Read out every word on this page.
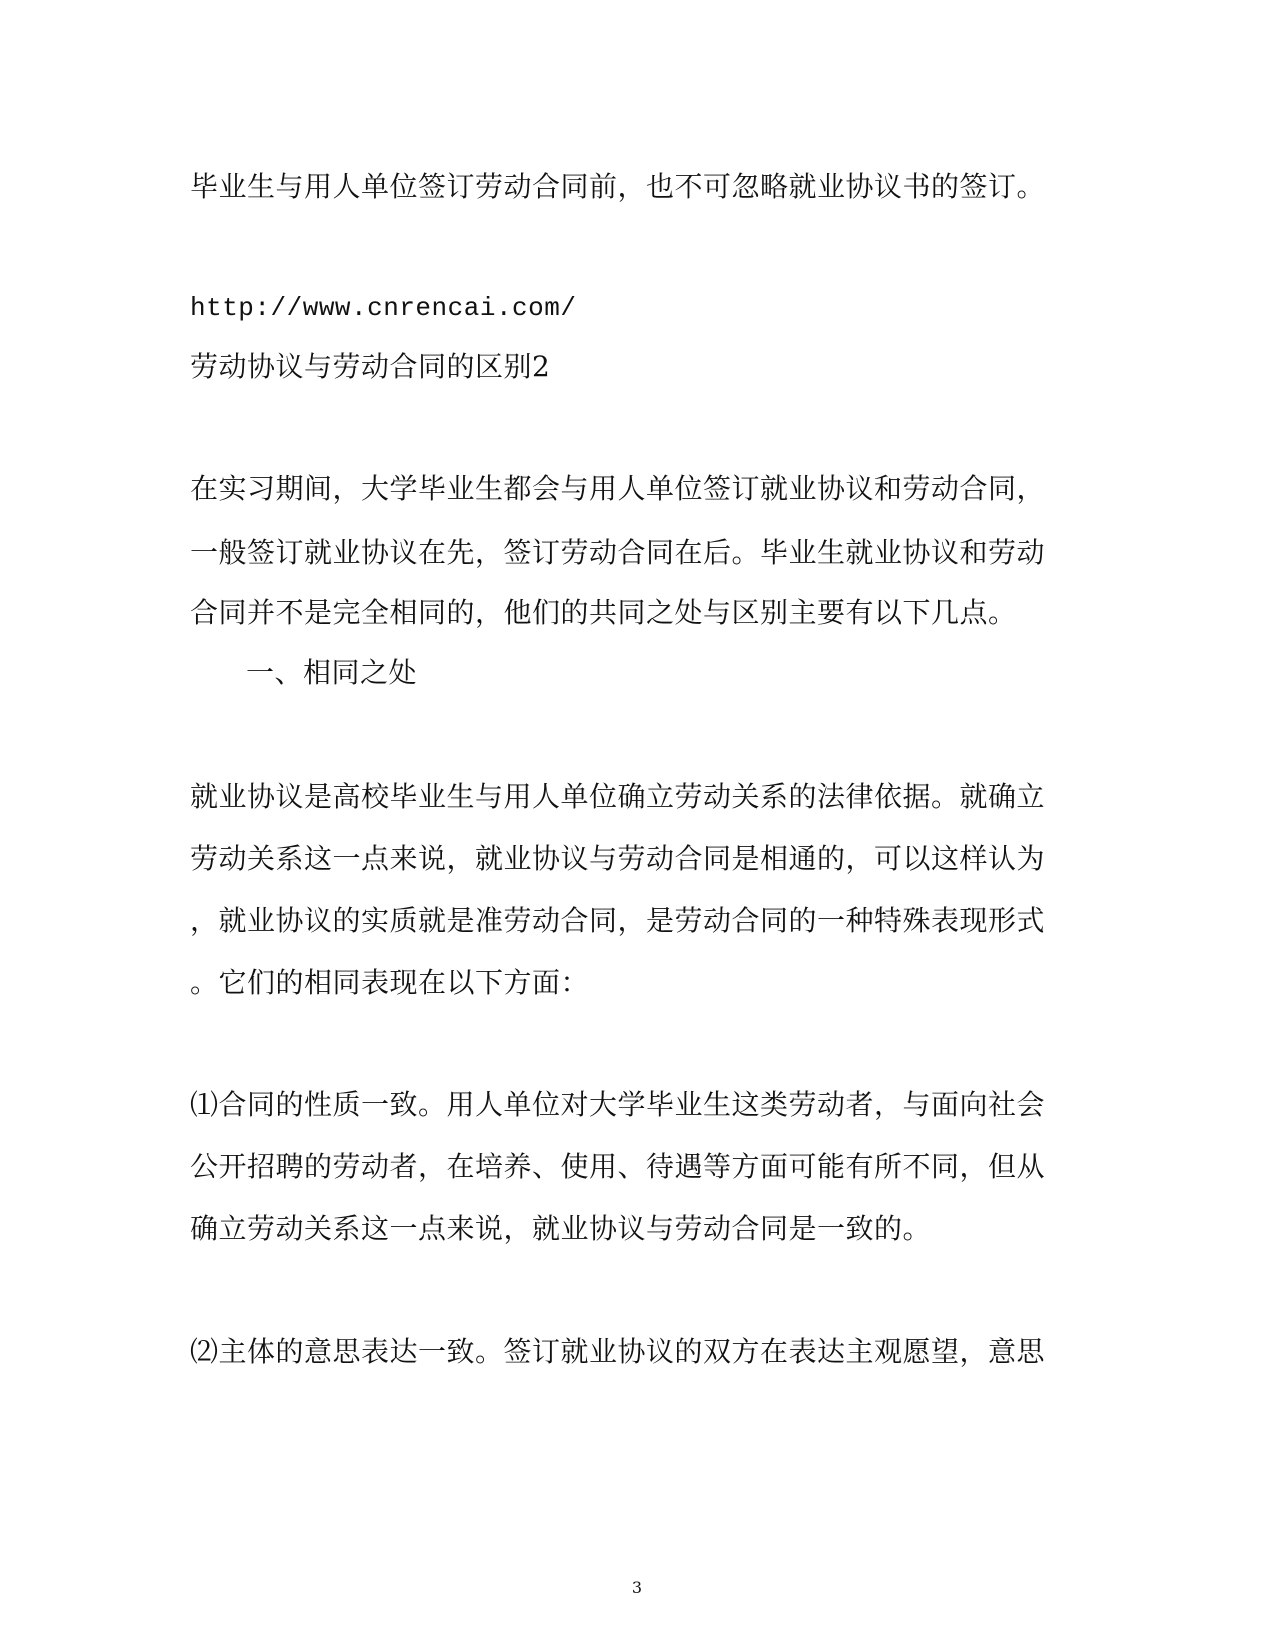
毕业生与用人单位签订劳动合同前，也不可忽略就业协议书的签订。
http://www.cnrencai.com/
劳动协议与劳动合同的区别2
在实习期间，大学毕业生都会与用人单位签订就业协议和劳动合同，
一般签订就业协议在先，签订劳动合同在后。毕业生就业协议和劳动
合同并不是完全相同的，他们的共同之处与区别主要有以下几点。
一、相同之处
就业协议是高校毕业生与用人单位确立劳动关系的法律依据。就确立
劳动关系这一点来说，就业协议与劳动合同是相通的，可以这样认为
，就业协议的实质就是准劳动合同，是劳动合同的一种特殊表现形式
。它们的相同表现在以下方面：
⑴合同的性质一致。用人单位对大学毕业生这类劳动者，与面向社会
公开招聘的劳动者，在培养、使用、待遇等方面可能有所不同，但从
确立劳动关系这一点来说，就业协议与劳动合同是一致的。
⑵主体的意思表达一致。签订就业协议的双方在表达主观愿望，意思
3
